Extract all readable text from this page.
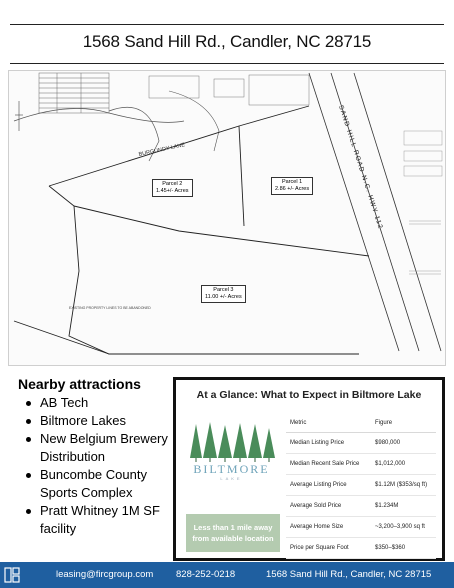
1568 Sand Hill Rd., Candler, NC 28715
BURGUNDY LANE	SAND HILL ROAD N.C. HWY 112
EXISTING PROPERTY LINES TO BE ABANDONED
Parcel 2
1.45+/- Acres
Parcel 1
2.86 +/- Acres
Parcel 3
11.00 +/- Acres
Nearby attractions
AB Tech
Biltmore Lakes
New Belgium Brewery Distribution
Buncombe County Sports Complex
Pratt Whitney 1M SF facility
At a Glance: What to Expect in Biltmore Lake
BILTMORE
LAKE
Less than 1 mile away from available location
Metric	Figure
Median Listing Price	$980,000
Median Recent Sale Price	$1,012,000
Average Listing Price	$1.12M ($353/sq ft)
Average Sold Price	$1.234M
Average Home Size	~3,200–3,900 sq ft
Price per Square Foot	$350–$360
leasing@fircgroup.com 828-252-0218	1568 Sand Hill Rd., Candler, NC 28715
